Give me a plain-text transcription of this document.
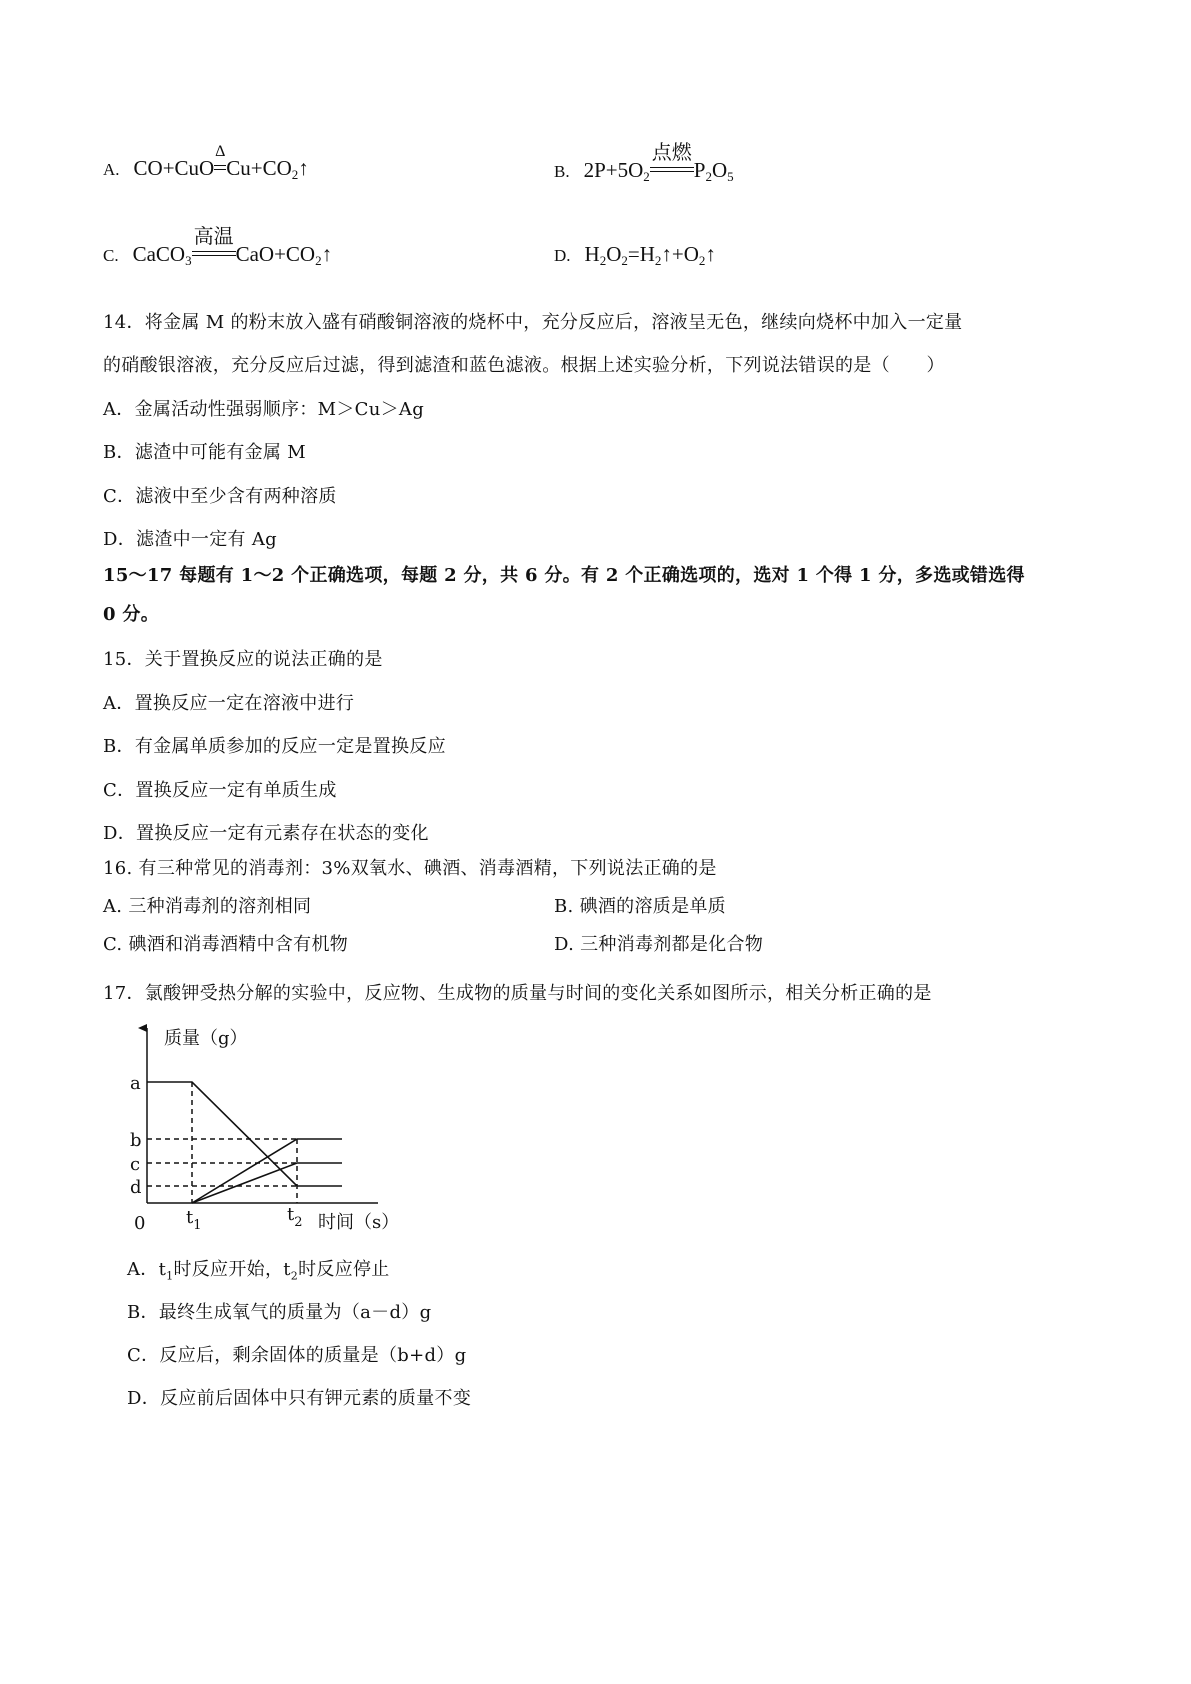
A. CO+CuO
Δ
$Cu+CO_2↑$	B. $2P+5O_2$
点燃
$P_2O_5$
C. CaCO$_3$
高温
$CaO+CO_2↑$	D. $H_2O_2=H_2↑+O_2↑$
14．将金属 M 的粉末放入盛有硝酸铜溶液的烧杯中，充分反应后，溶液呈无色，继续向烧杯中加入一定量
的硝酸银溶液，充分反应后过滤，得到滤渣和蓝色滤液。根据上述实验分析，下列说法错误的是（　　）
A．金属活动性强弱顺序：M＞Cu＞Ag
B．滤渣中可能有金属 M
C．滤液中至少含有两种溶质
D．滤渣中一定有 Ag
15～17 每题有 1～2 个正确选项，每题 2 分，共 6 分。有 2 个正确选项的，选对 1 个得 1 分，多选或错选得
0 分。
15．关于置换反应的说法正确的是
A．置换反应一定在溶液中进行
B．有金属单质参加的反应一定是置换反应
C．置换反应一定有单质生成
D．置换反应一定有元素存在状态的变化
16. 有三种常见的消毒剂：3%双氧水、碘酒、消毒酒精，下列说法正确的是
A. 三种消毒剂的溶剂相同	B. 碘酒的溶质是单质
C. 碘酒和消毒酒精中含有机物	D. 三种消毒剂都是化合物
17．氯酸钾受热分解的实验中，反应物、生成物的质量与时间的变化关系如图所示，相关分析正确的是
质量（g）
时间（s）
0
a
b
c
d
$t_1$
$t_2$
A．$t_1$时反应开始，$t_2$时反应停止
B．最终生成氧气的质量为（a－d）g
C．反应后，剩余固体的质量是（b+d）g
D．反应前后固体中只有钾元素的质量不变
